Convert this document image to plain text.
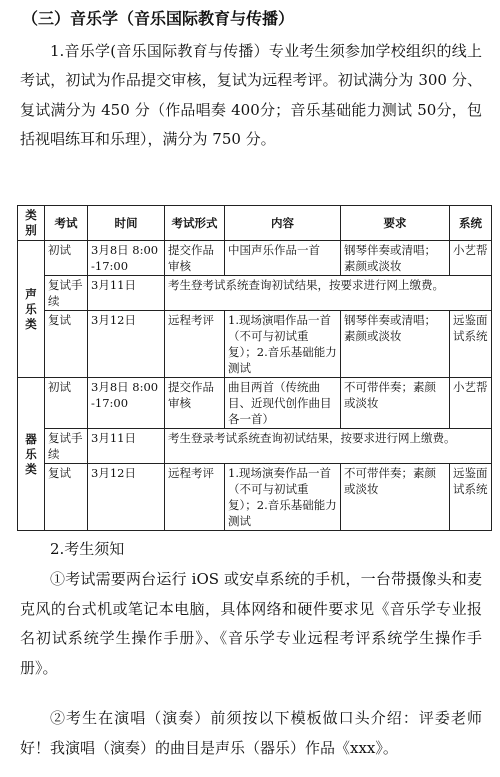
（三）音乐学（音乐国际教育与传播）

1.音乐学(音乐国际教育与传播）专业考生须参加学校组织的线上考试，初试为作品提交审核，复试为远程考评。初试满分为 300 分、复试满分为 450 分（作品唱奏 400分；音乐基础能力测试 50分，包括视唱练耳和乐理），满分为 750 分。

类别	考试	时间	考试形式	内容	要求	系统
声乐类	初试	3月8日 8:00-17:00	提交作品审核	中国声乐作品一首	钢琴伴奏或清唱；素颜或淡妆	小艺帮
	复试手续	3月11日	考生登考试系统查询初试结果，按要求进行网上缴费。			
	复试	3月12日	远程考评	1.现场演唱作品一首（不可与初试重复）；2.音乐基础能力测试	钢琴伴奏或清唱；素颜或淡妆	远鉴面试系统
器乐类	初试	3月8日 8:00-17:00	提交作品审核	曲目两首（传统曲目、近现代创作曲目各一首）	不可带伴奏；素颜或淡妆	小艺帮
	复试手续	3月11日	考生登录考试系统查询初试结果，按要求进行网上缴费。			
	复试	3月12日	远程考评	1.现场演奏作品一首（不可与初试重复）；2.音乐基础能力测试	不可带伴奏；素颜或淡妆	远鉴面试系统

2.考生须知

①考试需要两台运行 iOS 或安卓系统的手机，一台带摄像头和麦克风的台式机或笔记本电脑，具体网络和硬件要求见《音乐学专业报名初试系统学生操作手册》、《音乐学专业远程考评系统学生操作手册》。

②考生在演唱（演奏）前须按以下模板做口头介绍：评委老师好！我演唱（演奏）的曲目是声乐（器乐）作品《xxx》。
